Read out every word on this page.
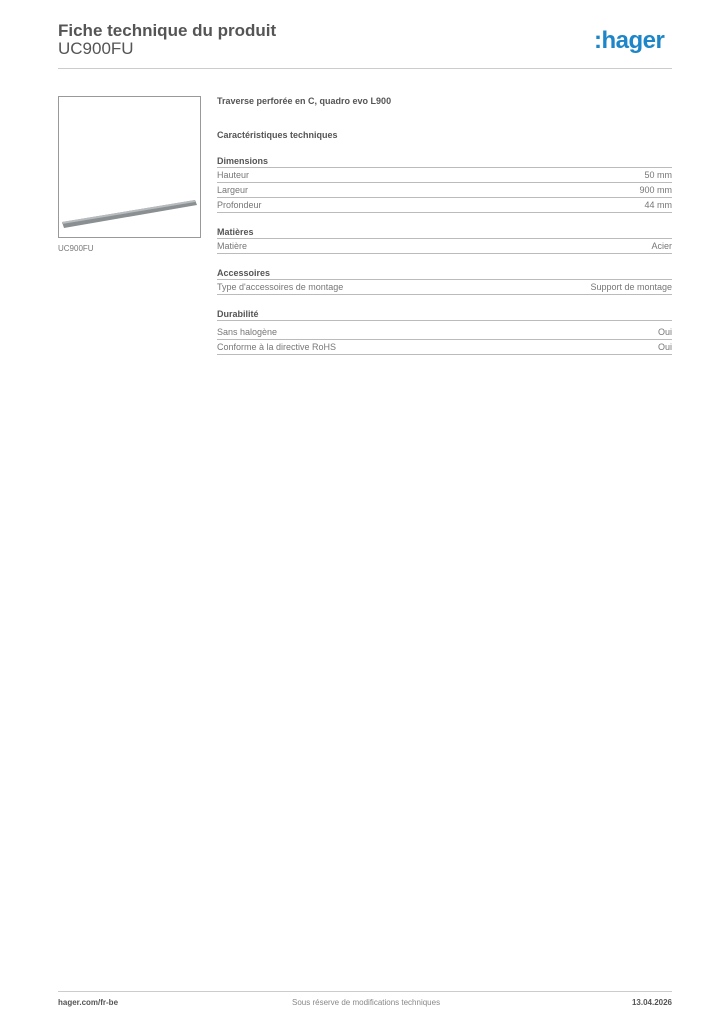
Fiche technique du produit
UC900FU	:hager
UC900FU
Traverse perforée en C, quadro evo L900
Caractéristiques techniques
Dimensions
Hauteur	50 mm
Largeur	900 mm
Profondeur	44 mm
Matières
Matière	Acier
Accessoires
Type d'accessoires de montage	Support de montage
Durabilité
Sans halogène	Oui
Conforme à la directive RoHS	Oui
hager.com/fr-be	Sous réserve de modifications techniques	13.04.2026
